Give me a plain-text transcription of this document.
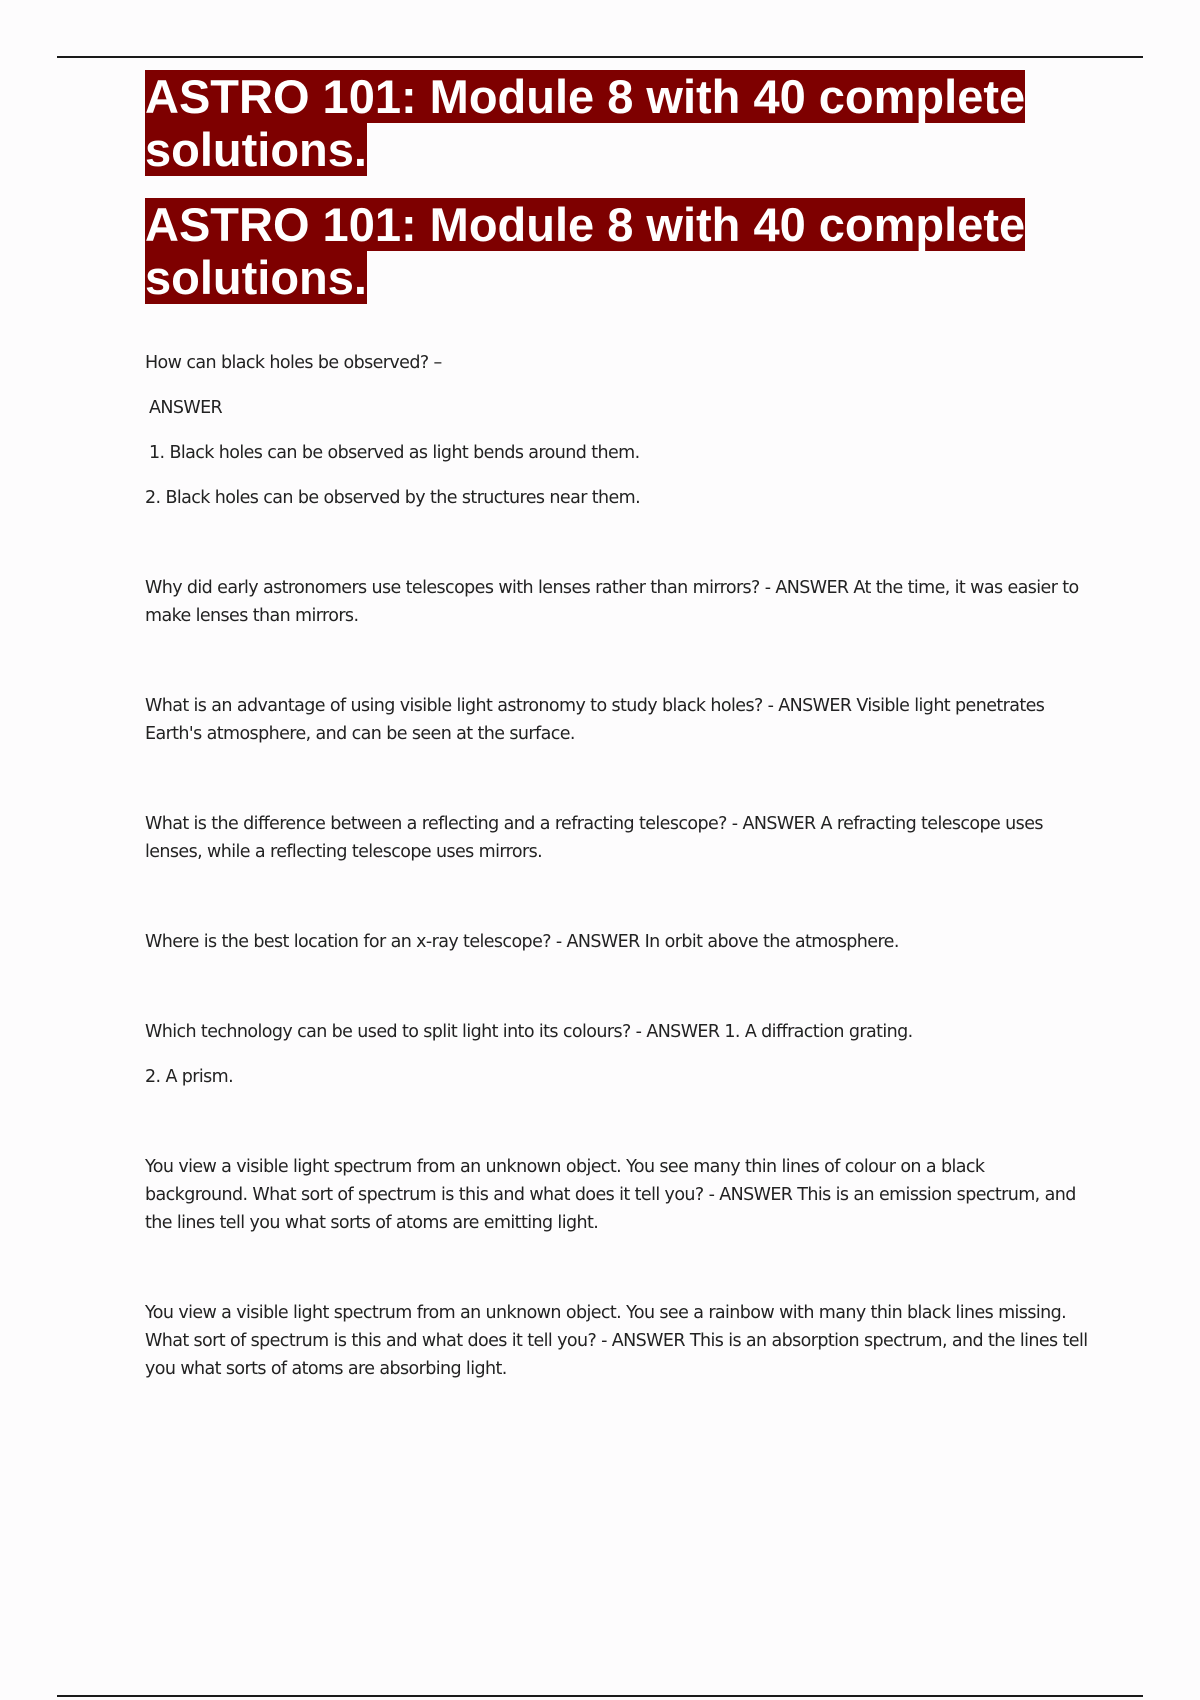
ASTRO 101: Module 8 with 40 complete solutions.
ASTRO 101: Module 8 with 40 complete solutions.

How can black holes be observed? –

ANSWER

1. Black holes can be observed as light bends around them.

2. Black holes can be observed by the structures near them.

Why did early astronomers use telescopes with lenses rather than mirrors? - ANSWER At the time, it was easier to make lenses than mirrors.

What is an advantage of using visible light astronomy to study black holes? - ANSWER Visible light penetrates Earth's atmosphere, and can be seen at the surface.

What is the difference between a reflecting and a refracting telescope? - ANSWER A refracting telescope uses lenses, while a reflecting telescope uses mirrors.

Where is the best location for an x-ray telescope? - ANSWER In orbit above the atmosphere.

Which technology can be used to split light into its colours? - ANSWER 1. A diffraction grating.

2. A prism.

You view a visible light spectrum from an unknown object. You see many thin lines of colour on a black background. What sort of spectrum is this and what does it tell you? - ANSWER This is an emission spectrum, and the lines tell you what sorts of atoms are emitting light.

You view a visible light spectrum from an unknown object. You see a rainbow with many thin black lines missing. What sort of spectrum is this and what does it tell you? - ANSWER This is an absorption spectrum, and the lines tell you what sorts of atoms are absorbing light.
